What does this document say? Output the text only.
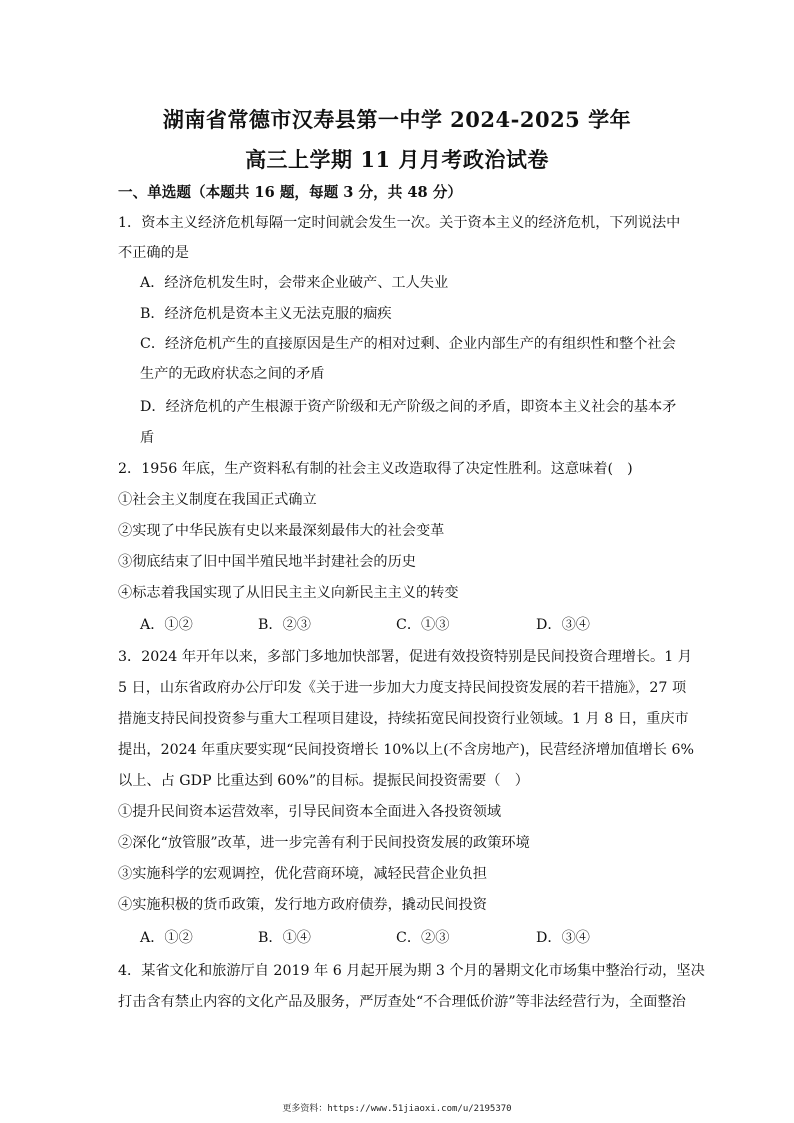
湖南省常德市汉寿县第一中学 2024-2025 学年
高三上学期 11 月月考政治试卷
一、单选题（本题共 16 题，每题 3 分，共 48 分）
1．资本主义经济危机每隔一定时间就会发生一次。关于资本主义的经济危机，下列说法中
不正确的是
A．经济危机发生时，会带来企业破产、工人失业
B．经济危机是资本主义无法克服的痼疾
C．经济危机产生的直接原因是生产的相对过剩、企业内部生产的有组织性和整个社会
生产的无政府状态之间的矛盾
D．经济危机的产生根源于资产阶级和无产阶级之间的矛盾，即资本主义社会的基本矛
盾
2．1956 年底，生产资料私有制的社会主义改造取得了决定性胜利。这意味着(　)
①社会主义制度在我国正式确立
②实现了中华民族有史以来最深刻最伟大的社会变革
③彻底结束了旧中国半殖民地半封建社会的历史
④标志着我国实现了从旧民主主义向新民主主义的转变
A．①②	B．②③	C．①③	D．③④
3．2024 年开年以来，多部门多地加快部署，促进有效投资特别是民间投资合理增长。1 月
5 日，山东省政府办公厅印发《关于进一步加大力度支持民间投资发展的若干措施》，27 项
措施支持民间投资参与重大工程项目建设，持续拓宽民间投资行业领域。1 月 8 日，重庆市
提出，2024 年重庆要实现“民间投资增长 10%以上(不含房地产)，民营经济增加值增长 6%
以上、占 GDP 比重达到 60%”的目标。提振民间投资需要（　）
①提升民间资本运营效率，引导民间资本全面进入各投资领域
②深化“放管服”改革，进一步完善有利于民间投资发展的政策环境
③实施科学的宏观调控，优化营商环境，减轻民营企业负担
④实施积极的货币政策，发行地方政府债券，撬动民间投资
A．①②	B．①④	C．②③	D．③④
4．某省文化和旅游厅自 2019 年 6 月起开展为期 3 个月的暑期文化市场集中整治行动，坚决
打击含有禁止内容的文化产品及服务，严厉查处“不合理低价游”等非法经营行为，全面整治
更多资料：https://www.51jiaoxi.com/u/2195370
